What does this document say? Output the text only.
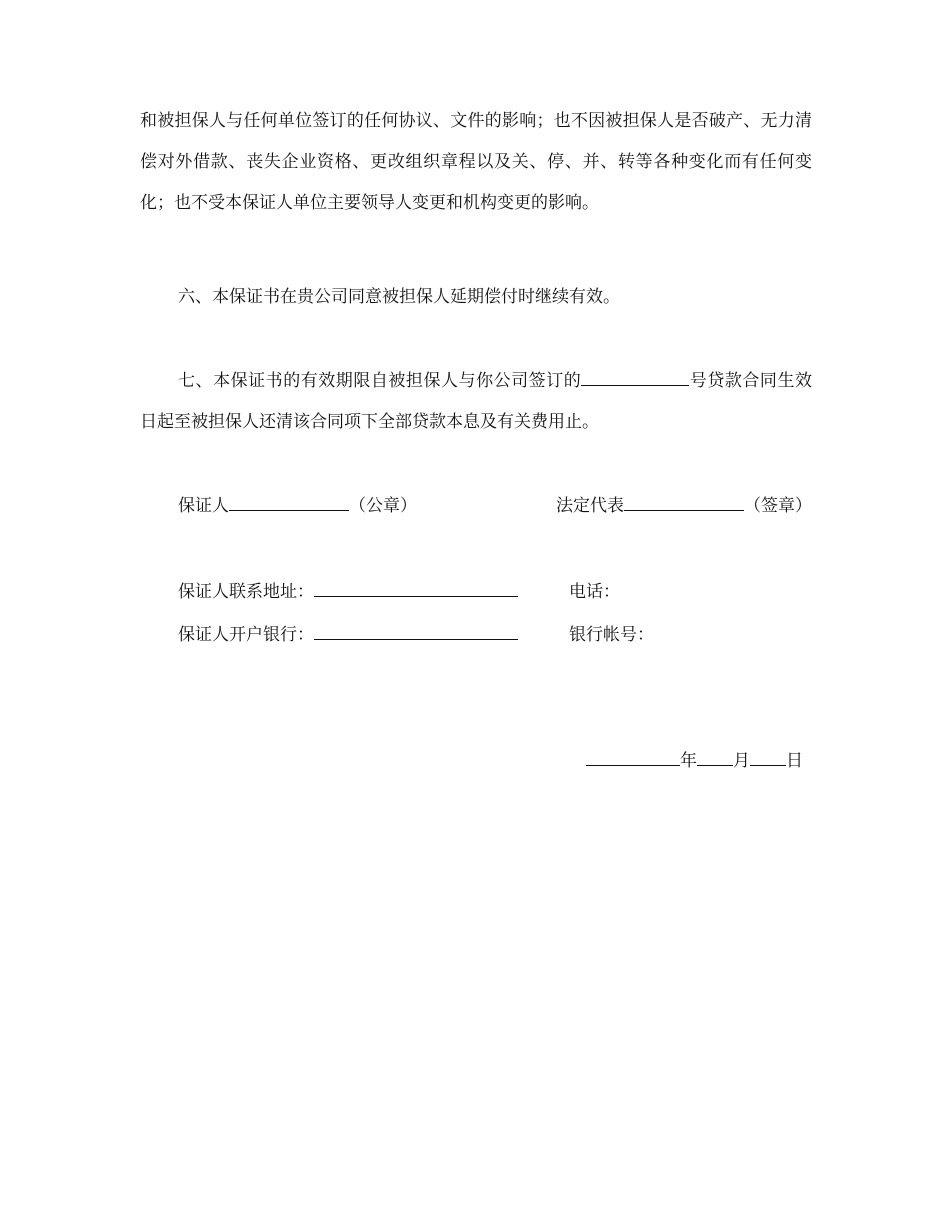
和被担保人与任何单位签订的任何协议、文件的影响；也不因被担保人是否破产、无力清偿对外借款、丧失企业资格、更改组织章程以及关、停、并、转等各种变化而有任何变化；也不受本保证人单位主要领导人变更和机构变更的影响。
六、本保证书在贵公司同意被担保人延期偿付时继续有效。
七、本保证书的有效期限自被担保人与你公司签订的	号贷款合同生效日起至被担保人还清该合同项下全部贷款本息及有关费用止。
保证人	（公章）	法定代表	（签章）
保证人联系地址：	电话：
保证人开户银行：	银行帐号：
年 月 日
